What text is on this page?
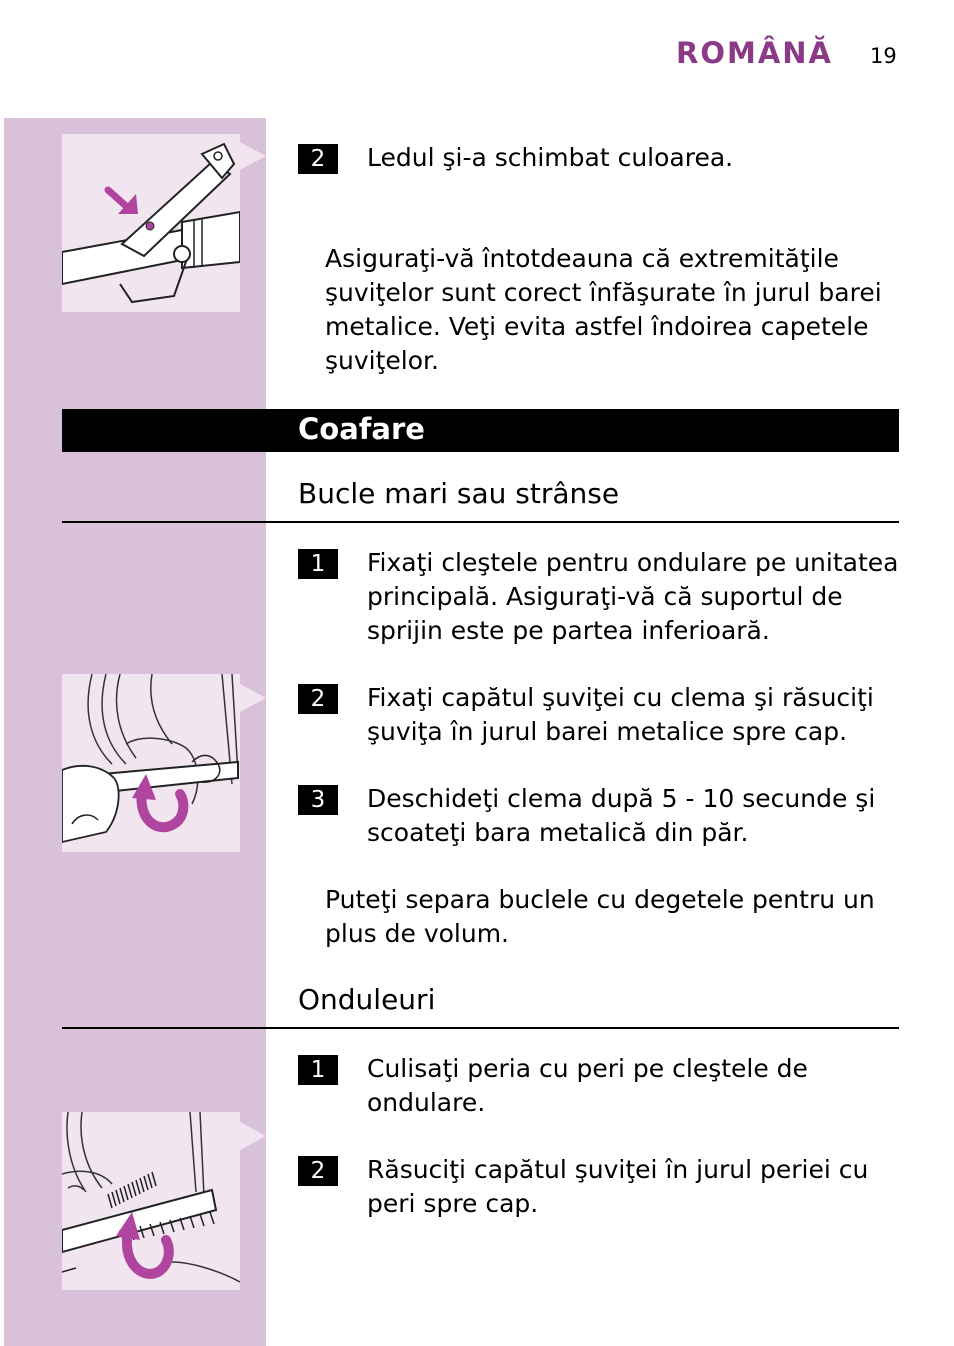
ROMÂNĂ 19
2	Ledul şi-a schimbat culoarea.
Asiguraţi-vă întotdeauna că extremităţile şuviţelor sunt corect înfăşurate în jurul barei metalice. Veţi evita astfel îndoirea capetele şuviţelor.
Coafare
Bucle mari sau strânse
1	Fixaţi cleştele pentru ondulare pe unitatea principală. Asiguraţi-vă că suportul de sprijin este pe partea inferioară.
2	Fixaţi capătul şuviţei cu clema şi răsuciţi şuviţa în jurul barei metalice spre cap.
3	Deschideţi clema după 5 - 10 secunde şi scoateţi bara metalică din păr.
Puteţi separa buclele cu degetele pentru un plus de volum.
Onduleuri
1	Culisaţi peria cu peri pe cleştele de ondulare.
2	Răsuciţi capătul şuviţei în jurul periei cu peri spre cap.
